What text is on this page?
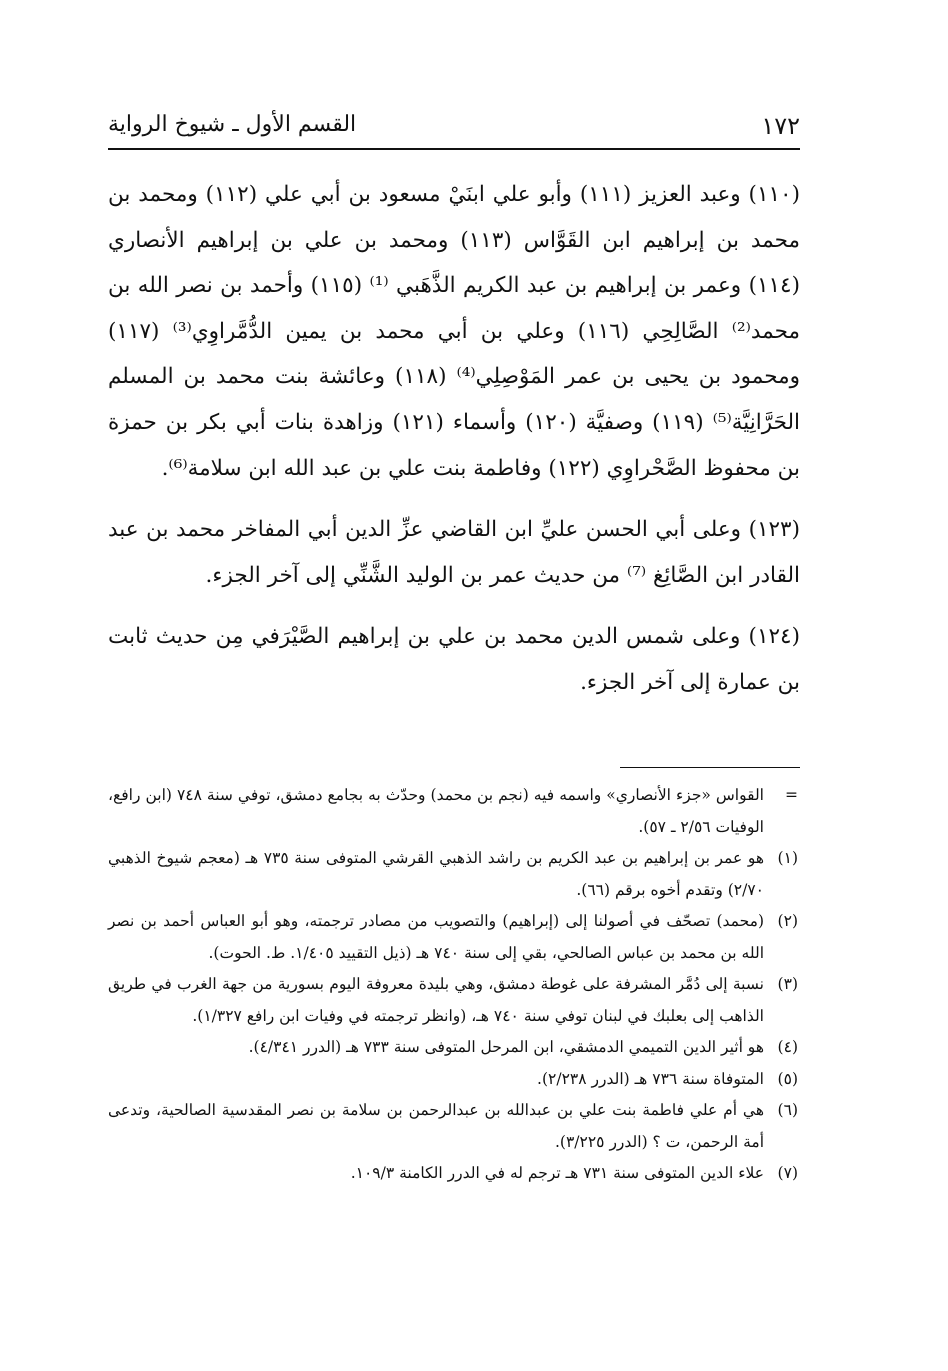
١٧٢
القسم الأول ـ شيوخ الرواية

(١١٠) وعبد العزيز (١١١) وأبو علي ابنَيْ مسعود بن أبي علي (١١٢) ومحمد بن محمد بن إبراهيم ابن القَوَّاس (١١٣) ومحمد بن علي بن إبراهيم الأنصاري (١١٤) وعمر بن إبراهيم بن عبد الكريم الذَّهَبي ⁽¹⁾ (١١٥) وأحمد بن نصر الله بن محمد⁽²⁾ الصَّالِحِي (١١٦) وعلي بن أبي محمد بن يمين الدُّمَّراوِي⁽³⁾ (١١٧) ومحمود بن يحيى بن عمر المَوْصِلِي⁽⁴⁾ (١١٨) وعائشة بنت محمد بن المسلم الحَرَّانِيَّة⁽⁵⁾ (١١٩) وصفيَّة (١٢٠) وأسماء (١٢١) وزاهدة بنات أبي بكر بن حمزة بن محفوظ الصَّحْراوِي (١٢٢) وفاطمة بنت علي بن عبد الله ابن سلامة⁽⁶⁾.

(١٢٣) وعلى أبي الحسن عليِّ ابن القاضي عزِّ الدين أبي المفاخر محمد بن عبد القادر ابن الصَّائِغ ⁽⁷⁾ من حديث عمر بن الوليد الشَّنِّي إلى آخر الجزء.

(١٢٤) وعلى شمس الدين محمد بن علي بن إبراهيم الصَّيْرَفي مِن حديث ثابت بن عمارة إلى آخر الجزء.

=
القواس «جزء الأنصاري» واسمه فيه (نجم بن محمد) وحدّث به بجامع دمشق، توفي سنة ٧٤٨ (ابن رافع، الوفيات ٢/٥٦ ـ ٥٧).
(١)
هو عمر بن إبراهيم بن عبد الكريم بن راشد الذهبي القرشي المتوفى سنة ٧٣٥ هـ (معجم شيوخ الذهبي ٢/٧٠) وتقدم أخوه برقم (٦٦).
(٢)
(محمد) تصحّف في أصولنا إلى (إبراهيم) والتصويب من مصادر ترجمته، وهو أبو العباس أحمد بن نصر الله بن محمد بن عباس الصالحي، بقي إلى سنة ٧٤٠ هـ (ذيل التقييد ١/٤٠٥. ط. الحوت).
(٣)
نسبة إلى دُمَّر المشرفة على غوطة دمشق، وهي بليدة معروفة اليوم بسورية من جهة الغرب في طريق الذاهب إلى بعلبك في لبنان توفي سنة ٧٤٠ هـ، (وانظر ترجمته في وفيات ابن رافع ١/٣٢٧).
(٤)
هو أثير الدين التميمي الدمشقي، ابن المرحل المتوفى سنة ٧٣٣ هـ (الدرر ٤/٣٤١).
(٥)
المتوفاة سنة ٧٣٦ هـ (الدرر ٢/٢٣٨).
(٦)
هي أم علي فاطمة بنت علي بن عبدالله بن عبدالرحمن بن سلامة بن نصر المقدسية الصالحية، وتدعى أمة الرحمن، ت ؟ (الدرر ٣/٢٢٥).
(٧)
علاء الدين المتوفى سنة ٧٣١ هـ ترجم له في الدرر الكامنة ١٠٩/٣.
